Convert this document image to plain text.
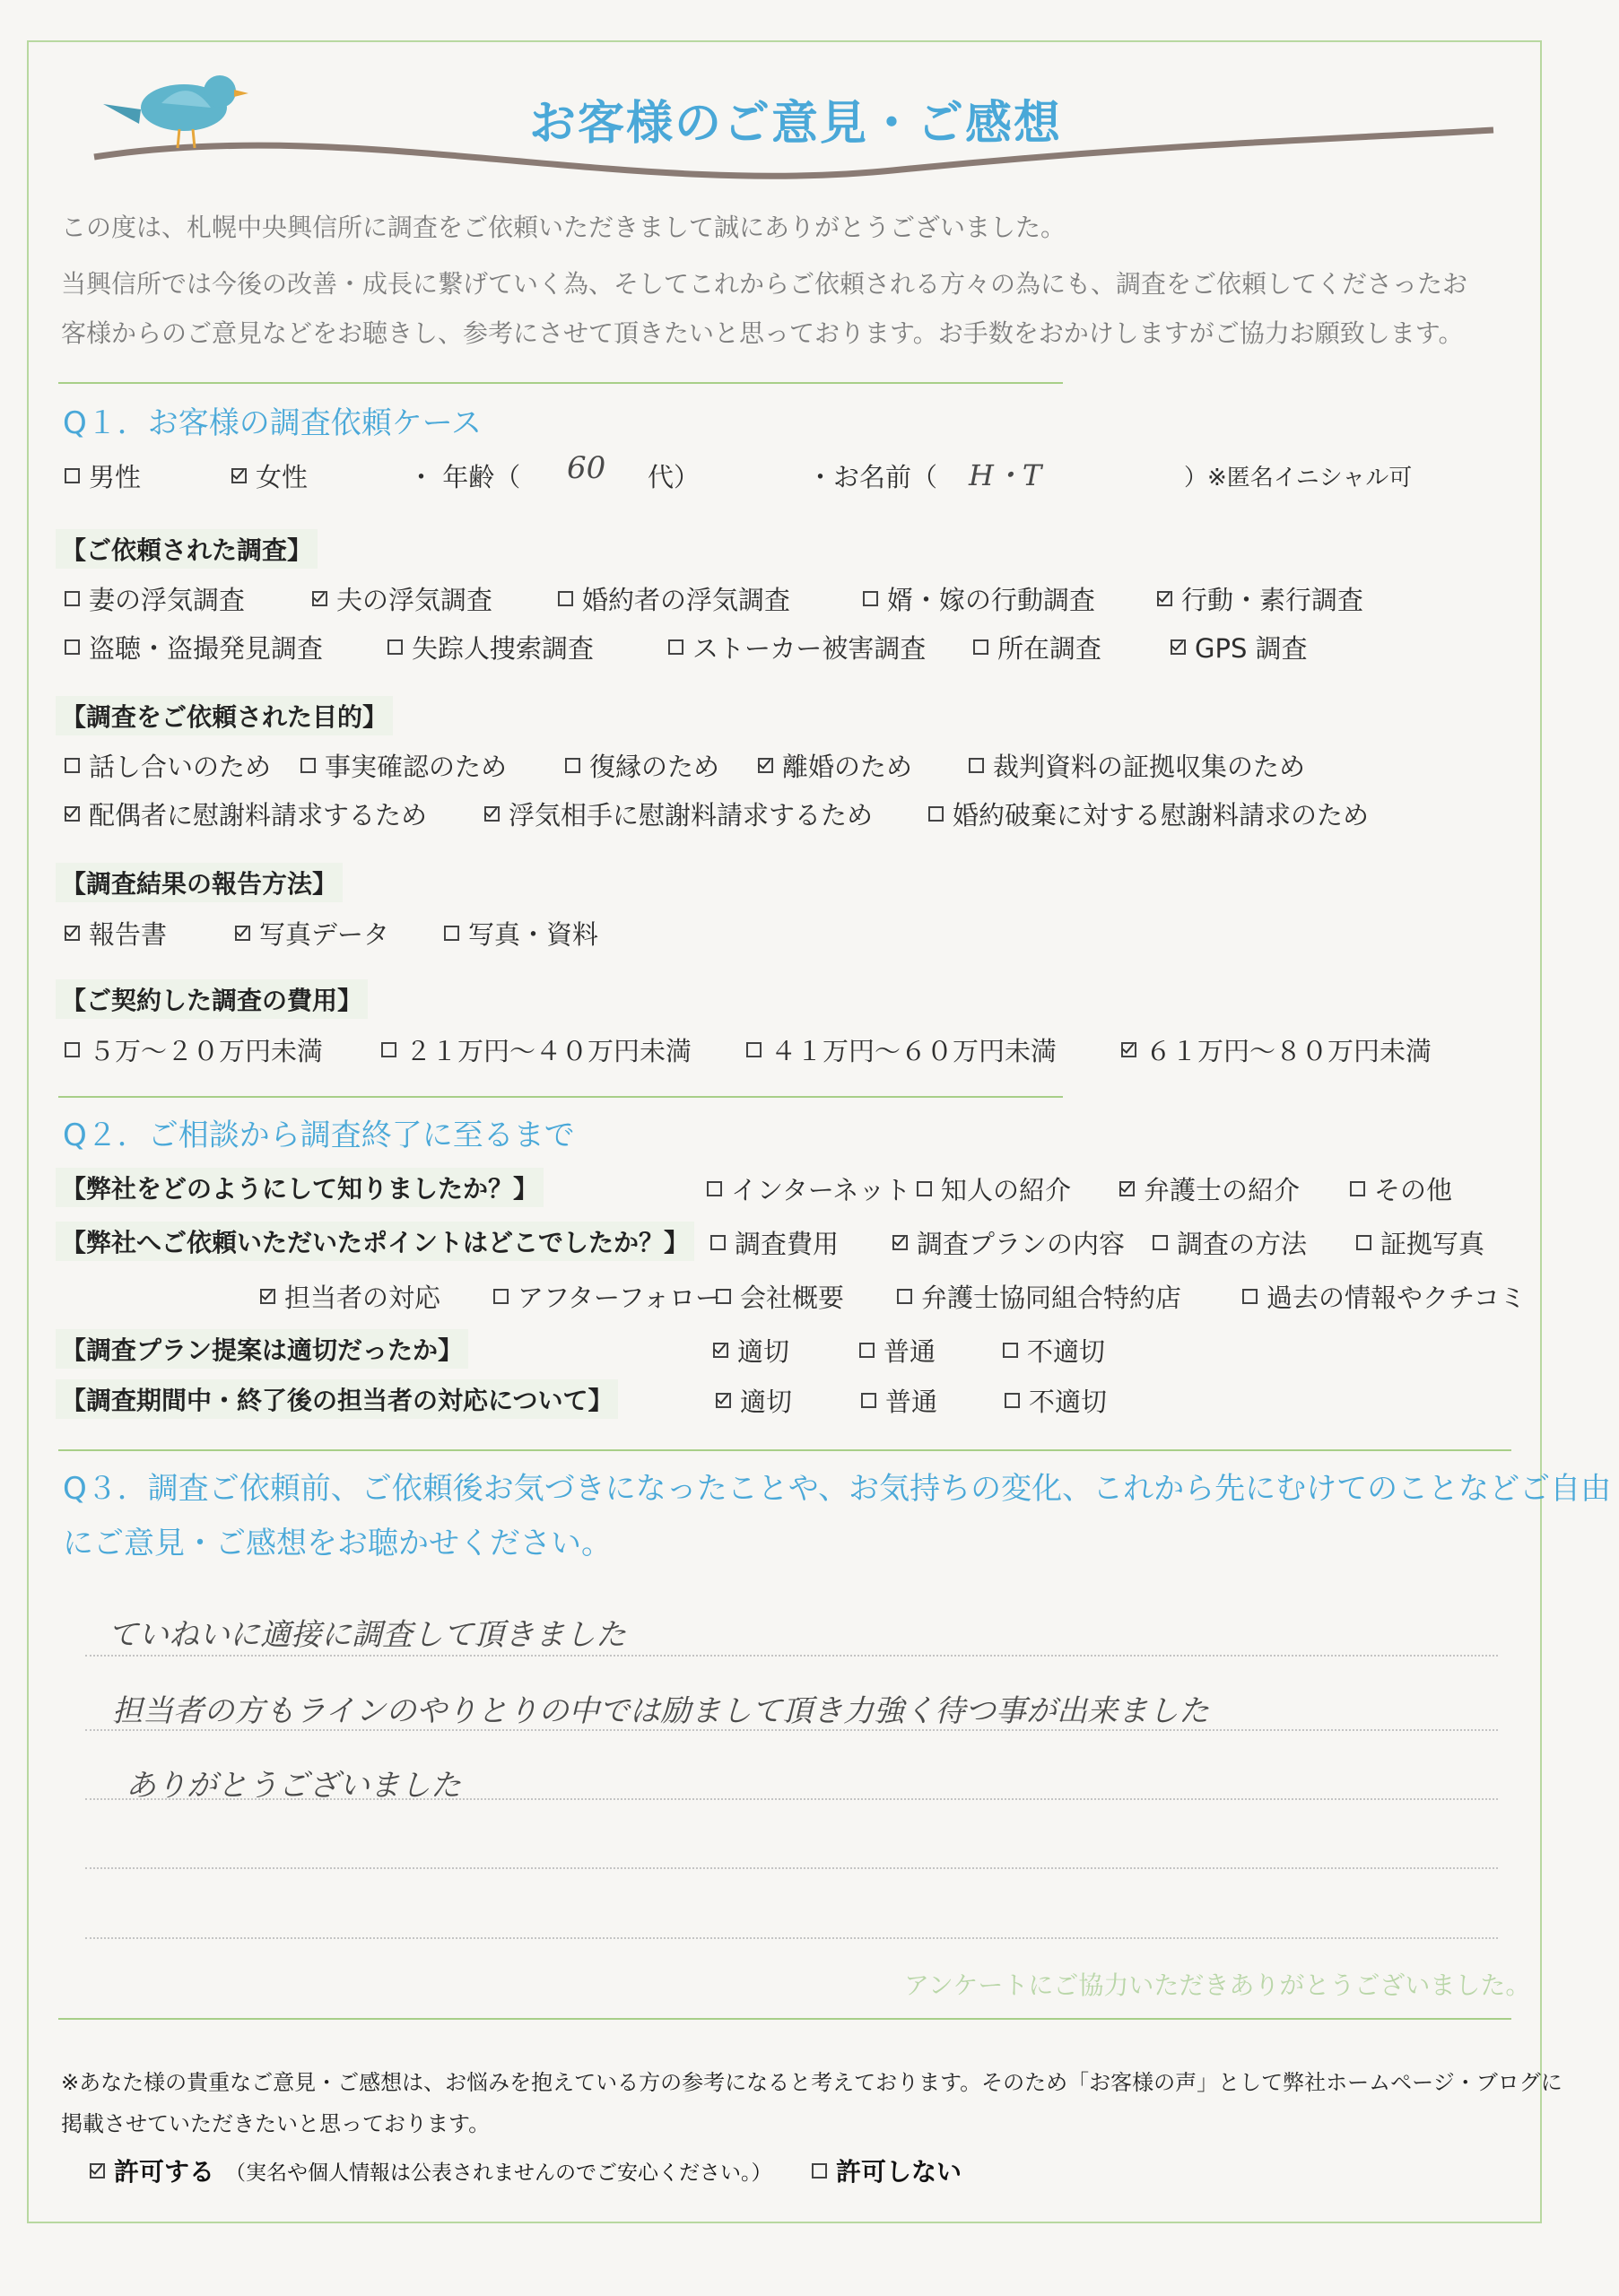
お客様のご意見・ご感想
この度は、札幌中央興信所に調査をご依頼いただきまして誠にありがとうございました。
当興信所では今後の改善・成長に繋げていく為、そしてこれからご依頼される方々の為にも、調査をご依頼してくださったお
客様からのご意見などをお聴きし、参考にさせて頂きたいと思っております。お手数をおかけしますがご協力お願致します。
Q１．お客様の調査依頼ケース
男性	女性	・ 年齢（ 60 代）	・お名前（ H・T	）※匿名イニシャル可
【ご依頼された調査】
妻の浮気調査	夫の浮気調査	婚約者の浮気調査	婿・嫁の行動調査	行動・素行調査
盗聴・盗撮発見調査	失踪人捜索調査	ストーカー被害調査	所在調査	GPS 調査
【調査をご依頼された目的】
話し合いのため 事実確認のため	復縁のため 離婚のため	裁判資料の証拠収集のため
配偶者に慰謝料請求するため	浮気相手に慰謝料請求するため	婚約破棄に対する慰謝料請求のため
【調査結果の報告方法】
報告書	写真データ	写真・資料
【ご契約した調査の費用】
５万～２０万円未満	２１万円～４０万円未満	４１万円～６０万円未満	６１万円～８０万円未満
Q２．ご相談から調査終了に至るまで
【弊社をどのようにして知りましたか？】	インターネット 知人の紹介	弁護士の紹介	その他
【弊社へご依頼いただいたポイントはどこでしたか？】 調査費用	調査プランの内容 調査の方法	証拠写真
担当者の対応	アフターフォロー 会社概要	弁護士協同組合特約店	過去の情報やクチコミ
【調査プラン提案は適切だったか】	適切	普通	不適切
【調査期間中・終了後の担当者の対応について】	適切	普通	不適切
Q３．調査ご依頼前、ご依頼後お気づきになったことや、お気持ちの変化、これから先にむけてのことなどご自由
にご意見・ご感想をお聴かせください。
ていねいに適接に調査して頂きました
担当者の方もラインのやりとりの中では励まして頂き力強く待つ事が出来ました
ありがとうございました
アンケートにご協力いただきありがとうございました。
※あなた様の貴重なご意見・ご感想は、お悩みを抱えている方の参考になると考えております。そのため「お客様の声」として弊社ホームページ・ブログに
掲載させていただきたいと思っております。
許可する （実名や個人情報は公表されませんのでご安心ください。）	許可しない
